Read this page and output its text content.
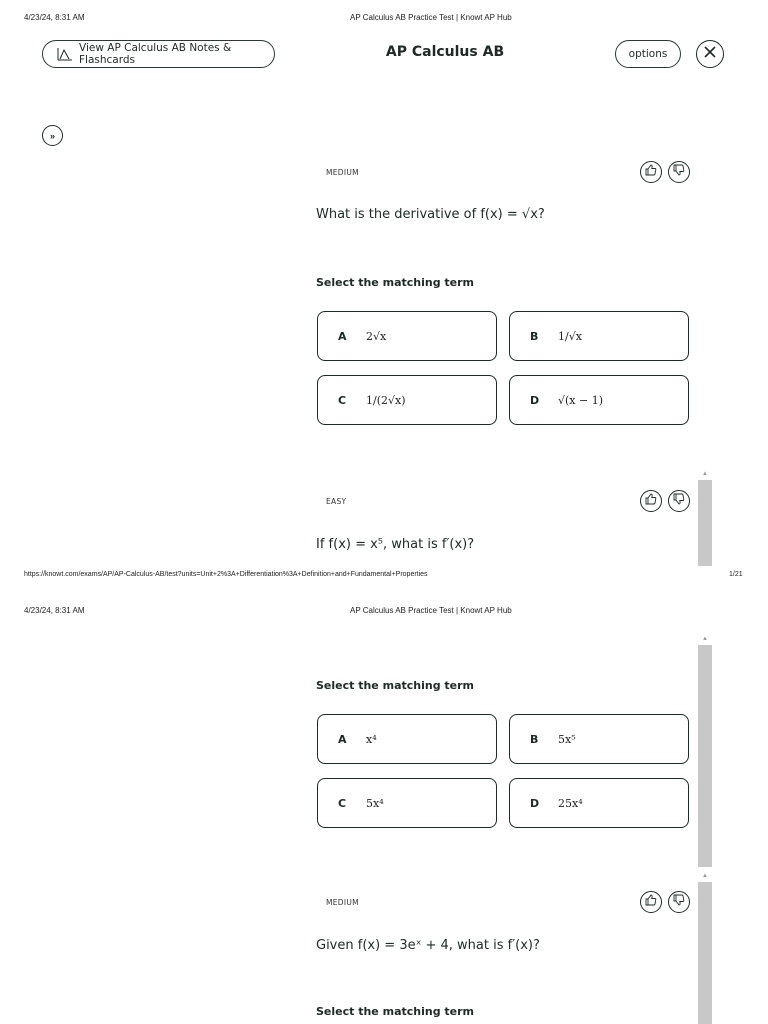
4/23/24, 8:31 AM	AP Calculus AB Practice Test | Knowt AP Hub
View AP Calculus AB Notes & Flashcards	AP Calculus AB	options
»
MEDIUM
What is the derivative of f(x) = √x?
Select the matching term
A 2√x	B 1/√x
C 1/(2√x)	D √(x − 1)
▲
EASY
If f(x) = x⁵, what is f′(x)?
https://knowt.com/exams/AP/AP-Calculus-AB/test?units=Unit+2%3A+Differentiation%3A+Definition+and+Fundamental+Properties	1/21
4/23/24, 8:31 AM	AP Calculus AB Practice Test | Knowt AP Hub
▲
Select the matching term
A x⁴	B 5x⁵
C 5x⁴	D 25x⁴
▲
MEDIUM
Given f(x) = 3eˣ + 4, what is f′(x)?
Select the matching term
